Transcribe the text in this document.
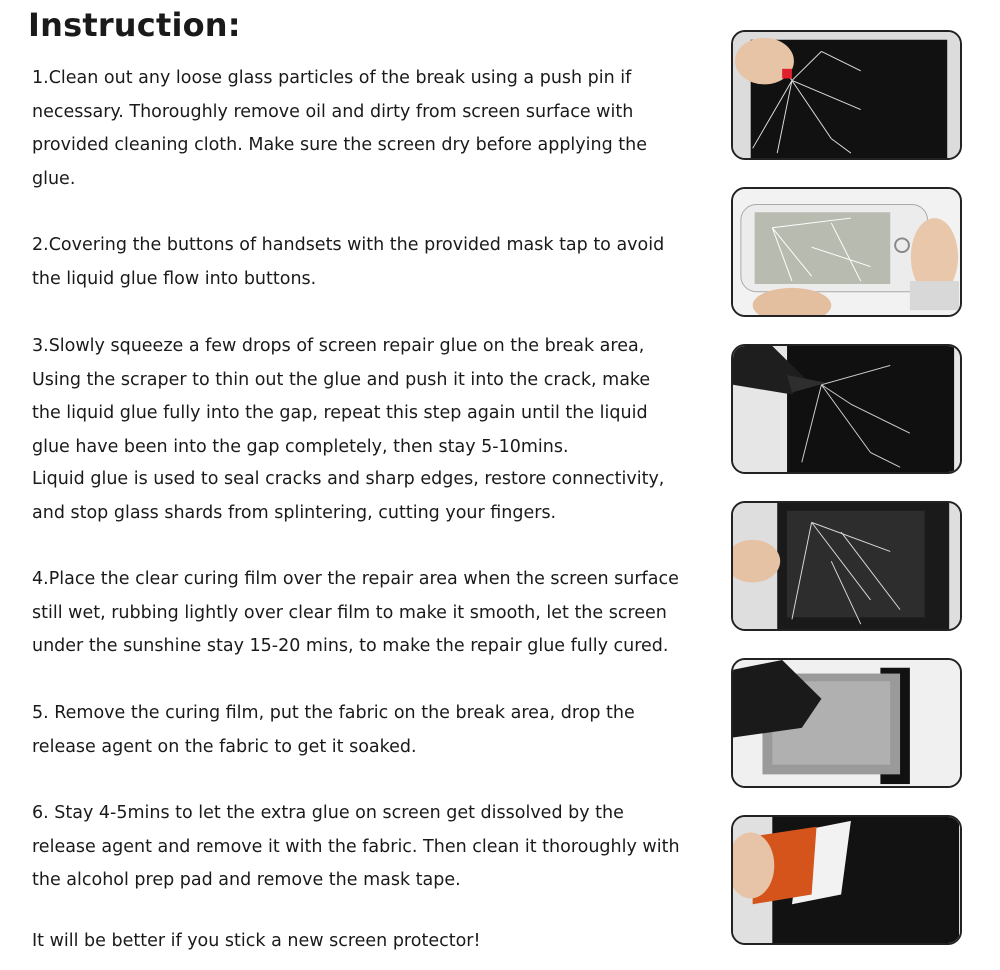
Instruction:

1.Clean out any loose glass particles of the break using a push pin if necessary. Thoroughly remove oil and dirty from screen surface with provided cleaning cloth. Make sure the screen dry before applying the glue.

2.Covering the buttons of handsets with the provided mask tap to avoid the liquid glue flow into buttons.

3.Slowly squeeze a few drops of screen repair glue on the break area, Using the scraper to thin out the glue and push it into the crack, make the liquid glue fully into the gap, repeat this step again until the liquid glue have been into the gap completely, then stay 5-10mins.

Liquid glue is used to seal cracks and sharp edges, restore connectivity, and stop glass shards from splintering, cutting your fingers.

4.Place the clear curing film over the repair area when the screen surface still wet, rubbing lightly over clear film to make it smooth, let the screen under the sunshine stay 15-20 mins, to make the repair glue fully cured.

5. Remove the curing film, put the fabric on the break area, drop the release agent on the fabric to get it soaked.

6. Stay 4-5mins to let the extra glue on screen get dissolved by the release agent and remove it with the fabric. Then clean it thoroughly with the alcohol prep pad and remove the mask tape.

It will be better if you stick a new screen protector!
